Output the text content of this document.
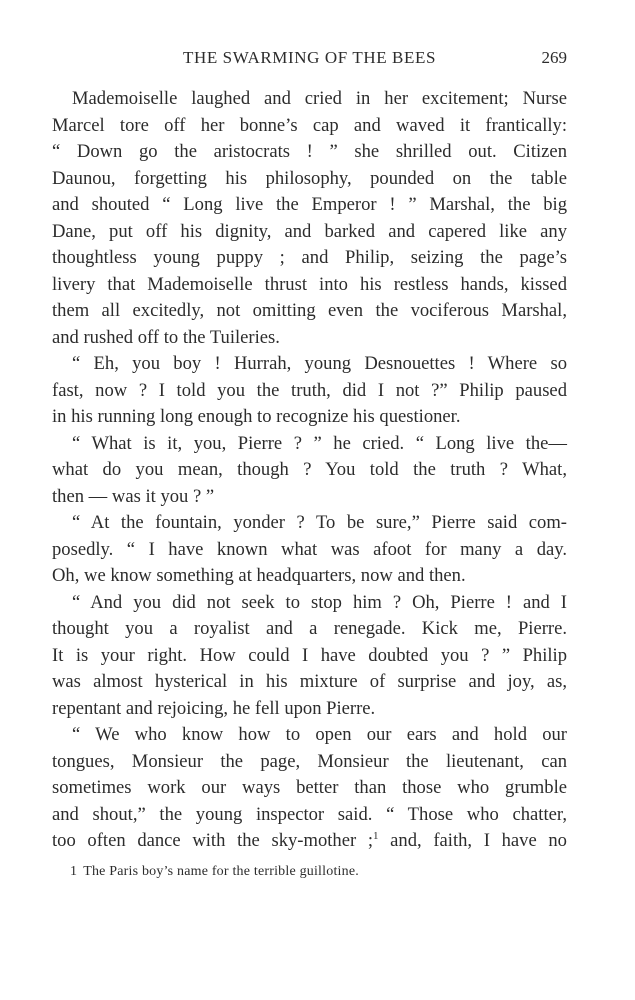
THE SWARMING OF THE BEES	269
Mademoiselle laughed and cried in her excitement; Nurse
Marcel tore off her bonne’s cap and waved it frantically:
“ Down go the aristocrats ! ” she shrilled out. Citizen
Daunou, forgetting his philosophy, pounded on the table
and shouted “ Long live the Emperor ! ” Marshal, the big
Dane, put off his dignity, and barked and capered like any
thoughtless young puppy ; and Philip, seizing the page’s
livery that Mademoiselle thrust into his restless hands, kissed
them all excitedly, not omitting even the vociferous Marshal,
and rushed off to the Tuileries.
“ Eh, you boy ! Hurrah, young Desnouettes ! Where so
fast, now ? I told you the truth, did I not ?” Philip paused
in his running long enough to recognize his questioner.
“ What is it, you, Pierre ? ” he cried. “ Long live the—
what do you mean, though ? You told the truth ? What,
then — was it you ? ”
“ At the fountain, yonder ? To be sure,” Pierre said com-
posedly. “ I have known what was afoot for many a day.
Oh, we know something at headquarters, now and then.
“ And you did not seek to stop him ? Oh, Pierre ! and I
thought you a royalist and a renegade. Kick me, Pierre.
It is your right. How could I have doubted you ? ” Philip
was almost hysterical in his mixture of surprise and joy, as,
repentant and rejoicing, he fell upon Pierre.
“ We who know how to open our ears and hold our
tongues, Monsieur the page, Monsieur the lieutenant, can
sometimes work our ways better than those who grumble
and shout,” the young inspector said. “ Those who chatter,
too often dance with the sky-mother ;$^1$ and, faith, I have no
1 The Paris boy’s name for the terrible guillotine.
